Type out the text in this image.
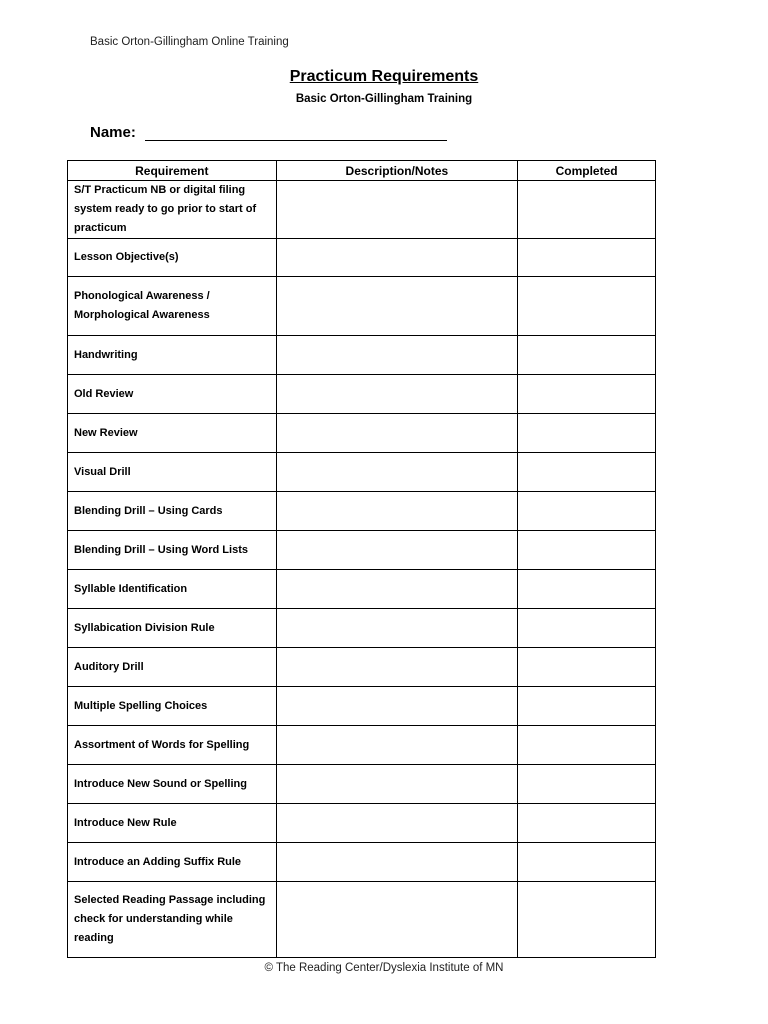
Basic Orton-Gillingham Online Training
Practicum Requirements
Basic Orton-Gillingham Training
Name:
Requirement	Description/Notes	Completed
S/T Practicum NB or digital filing system ready to go prior to start of practicum		
Lesson Objective(s)		
Phonological Awareness / Morphological Awareness		
Handwriting		
Old Review		
New Review		
Visual Drill		
Blending Drill – Using Cards		
Blending Drill – Using Word Lists		
Syllable Identification		
Syllabication Division Rule		
Auditory Drill		
Multiple Spelling Choices		
Assortment of Words for Spelling		
Introduce New Sound or Spelling		
Introduce New Rule		
Introduce an Adding Suffix Rule		
Selected Reading Passage including check for understanding while reading		
© The Reading Center/Dyslexia Institute of MN
